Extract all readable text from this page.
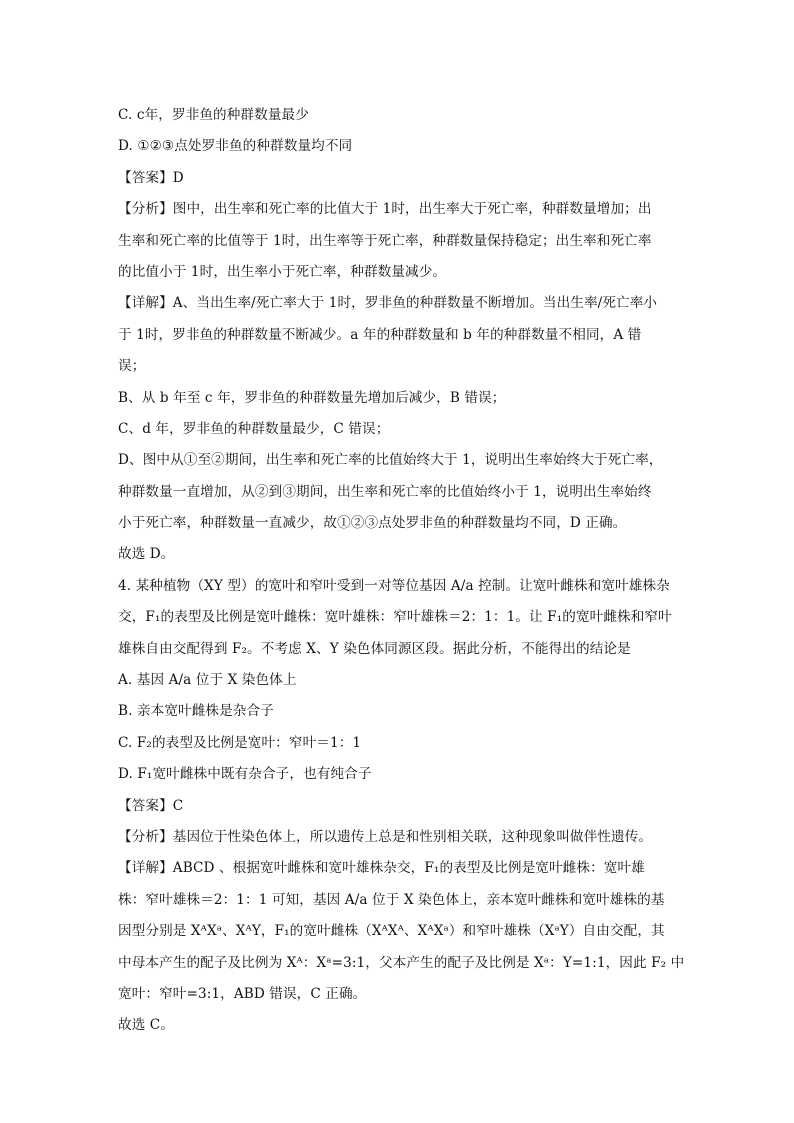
C. c年，罗非鱼的种群数量最少
D. ①②③点处罗非鱼的种群数量均不同
【答案】D
【分析】图中，出生率和死亡率的比值大于 1时，出生率大于死亡率，种群数量增加；出
生率和死亡率的比值等于 1时，出生率等于死亡率，种群数量保持稳定；出生率和死亡率
的比值小于 1时，出生率小于死亡率，种群数量减少。
【详解】A、当出生率/死亡率大于 1时，罗非鱼的种群数量不断增加。当出生率/死亡率小
于 1时，罗非鱼的种群数量不断减少。a 年的种群数量和 b 年的种群数量不相同，A 错
误；
B、从 b 年至 c 年，罗非鱼的种群数量先增加后减少，B 错误；
C、d 年，罗非鱼的种群数量最少，C 错误；
D、图中从①至②期间，出生率和死亡率的比值始终大于 1，说明出生率始终大于死亡率，
种群数量一直增加，从②到③期间，出生率和死亡率的比值始终小于 1，说明出生率始终
小于死亡率，种群数量一直减少，故①②③点处罗非鱼的种群数量均不同，D 正确。
故选 D。
4. 某种植物（XY 型）的宽叶和窄叶受到一对等位基因 A/a 控制。让宽叶雌株和宽叶雄株杂
交，F₁的表型及比例是宽叶雌株：宽叶雄株：窄叶雄株＝2：1：1。让 F₁的宽叶雌株和窄叶
雄株自由交配得到 F₂。不考虑 X、Y 染色体同源区段。据此分析，不能得出的结论是
A. 基因 A/a 位于 X 染色体上
B. 亲本宽叶雌株是杂合子
C. F₂的表型及比例是宽叶：窄叶＝1：1
D. F₁宽叶雌株中既有杂合子，也有纯合子
【答案】C
【分析】基因位于性染色体上，所以遗传上总是和性别相关联，这种现象叫做伴性遗传。
【详解】ABCD 、根据宽叶雌株和宽叶雄株杂交，F₁的表型及比例是宽叶雌株：宽叶雄
株：窄叶雄株＝2：1：1 可知，基因 A/a 位于 X 染色体上，亲本宽叶雌株和宽叶雄株的基
因型分别是 XᴬXᵃ、XᴬY，F₁的宽叶雌株（XᴬXᴬ、XᴬXᵃ）和窄叶雄株（XᵃY）自由交配，其
中母本产生的配子及比例为 Xᴬ：Xᵃ=3:1，父本产生的配子及比例是 Xᵃ：Y=1:1，因此 F₂ 中
宽叶：窄叶=3:1，ABD 错误，C 正确。
故选 C。
